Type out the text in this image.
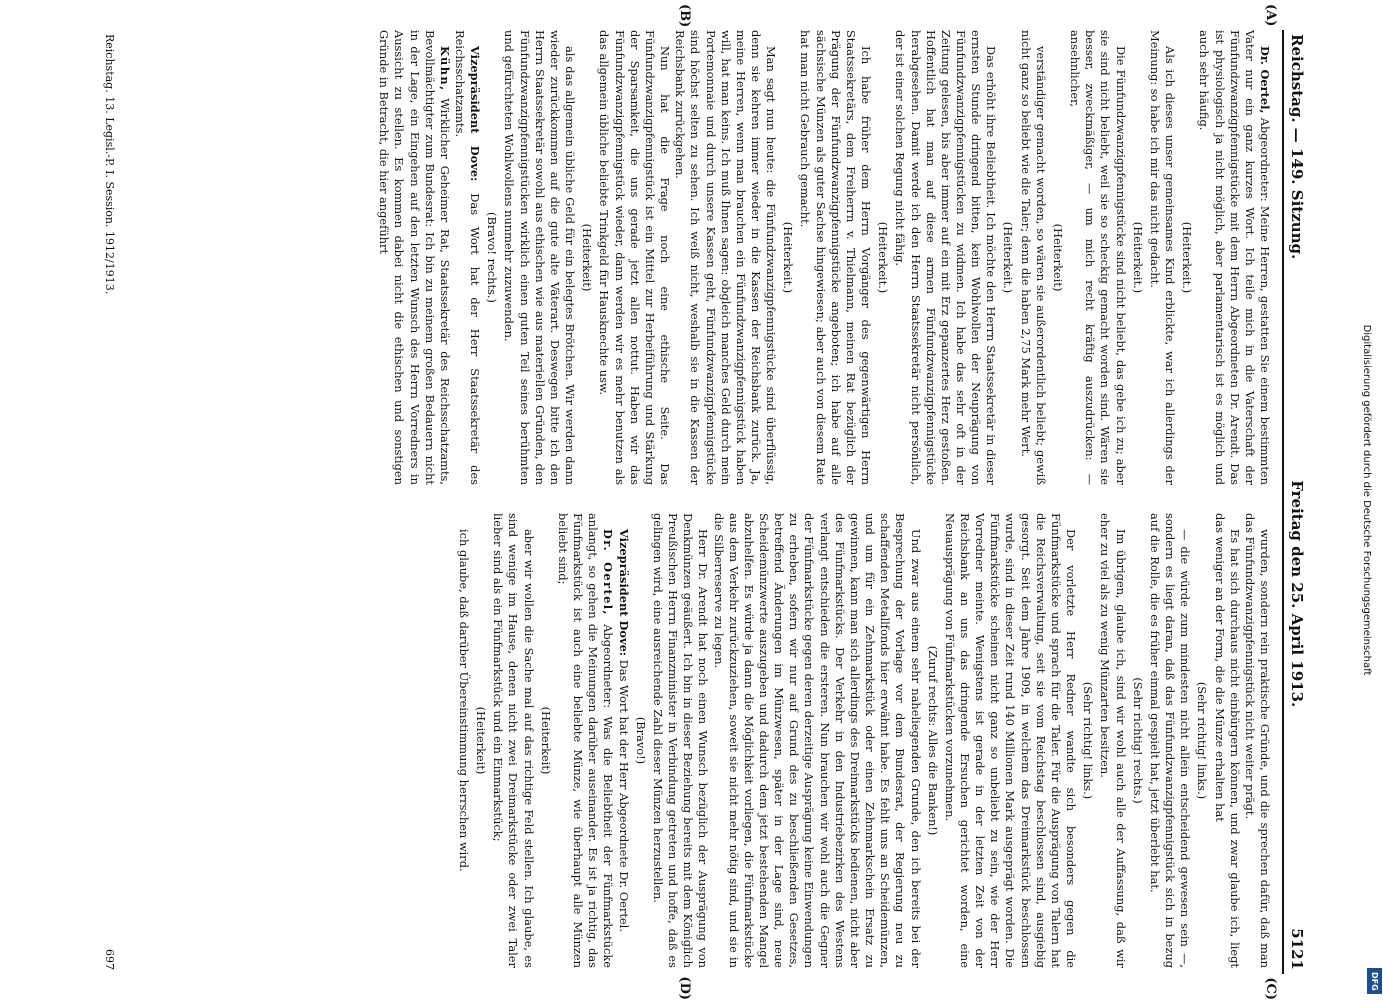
Reichstag. — 149. Sitzung.
Freitag den 25. April 1913.
5121
(A)
(B)
(C)
(D)

Dr. Oertel, Abgeordneter: Meine Herren, gestatten Sie einem bestimmten Vater nur ein ganz kurzes Wort. Ich teile mich in die Vaterschaft der Fünfundzwanzigpfennigstücke mit dem Herrn Abgeordneten Dr. Arendt. Das ist physiologisch ja nicht möglich, aber parlamentarisch ist es möglich und auch sehr häufig.

(Heiterkeit.)

Als ich dieses unser gemeinsames Kind erblickte, war ich allerdings der Meinung: so habe ich mir das nicht gedacht.

(Heiterkeit.)

Die Fünfundzwanzigpfennigstücke sind nicht beliebt, das gebe ich zu; aber sie sind nicht beliebt, weil sie so scheckig gemacht worden sind. Wären sie besser, zweckmäßiger, — um mich recht kräftig auszudrücken: — ansehnlicher,

(Heiterkeit)

verständiger gemacht worden, so wären sie außerordentlich beliebt; gewiß nicht ganz so beliebt wie die Taler; denn die haben 2,75 Mark mehr Wert.

(Heiterkeit.)

Das erhöht ihre Beliebtheit. Ich möchte den Herrn Staatssekretär in dieser ernsten Stunde dringend bitten, kein Wohlwollen der Neuprägung von Fünfundzwanzigpfennigstücken zu widmen. Ich habe das sehr oft in der Zeitung gelesen, bis aber immer auf ein mit Erz gepanzertes Herz gestoßen. Hoffentlich hat man auf diese armen Fünfundzwanzigpfennigstücke herabgesehen. Damit werde ich den Herrn Staatssekretär nicht persönlich, der ist einer solchen Regung nicht fähig.

(Heiterkeit.)

Ich habe früher dem Herrn Vorgänger des gegenwärtigen Herrn Staatssekretärs, dem Freiherrn v. Thielmann, meinen Rat bezüglich der Prägung der Fünfundzwanzigpfennigstücke angeboten; ich habe auf alle sächsische Münzen als guter Sachse hingewiesen; aber auch von diesem Rate hat man nicht Gebrauch gemacht.

(Heiterkeit.)

Man sagt nun heute: die Fünfundzwanzigpfennigstücke sind überflüssig, denn sie kehren immer wieder in die Kassen der Reichsbank zurück. Ja, meine Herren, wenn man brauchen ein Fünfundzwanzigpfennigstück haben will, hat man keins. Ich muß Ihnen sagen: obgleich manches Geld durch mein Portemonnaie und durch unsere Kassen geht, Fünfundzwanzigpfennigstücke sind höchst selten zu sehen. Ich weiß nicht, weshalb sie in die Kassen der Reichsbank zurückgehen.

Nun hat die Frage noch eine ethische Seite. Das Fünfundzwanzigpfennigstück ist ein Mittel zur Herbeiführung und Stärkung der Sparsamkeit, die uns gerade jetzt allen nottut. Haben wir das Fünfundzwanzigpfennigstück wieder, dann werden wir es mehr benutzen als das allgemein übliche beliebte Trinkgeld für Hausknechte usw.

(Heiterkeit)

als das allgemein übliche Geld für ein belegtes Brötchen. Wir werden dann wieder zurückkommen auf die gute alte Väterart. Deswegen bitte ich den Herrn Staatssekretär sowohl aus ethischen wie aus materiellen Gründen, den Fünfundzwanzigpfennigstücken wirklich einen guten Teil seines berühmten und gefürchteten Wohlwollens nunmehr zuzuwenden.

(Bravo! rechts.)

Vizepräsident Dove: Das Wort hat der Herr Staatssekretär des Reichsschatzamts.

Kühn, Wirklicher Geheimer Rat, Staatssekretär des Reichsschatzamts, Bevollmächtigter zum Bundesrat: Ich bin zu meinem großen Bedauern nicht in der Lage, ein Eingehen auf den letzten Wunsch des Herrn Vorredners in Aussicht zu stellen. Es kommen dabei nicht die ethischen und sonstigen Gründe in Betracht, die hier angeführt

wurden, sondern rein praktische Gründe, und die sprechen dafür, daß man das Fünfundzwanzigpfennigstück nicht weiter prägt.

Es hat sich durchaus nicht einbürgern können, und zwar glaube ich, liegt das weniger an der Form, die die Münze erhalten hat

(Sehr richtig! links.)

— die würde zum mindesten nicht allein entscheidend gewesen sein —, sondern es liegt daran, daß das Fünfundzwanzigpfennigstück sich in bezug auf die Rolle, die es früher einmal gespielt hat, jetzt überlebt hat.

(Sehr richtig! rechts.)

Im übrigen, glaube ich, sind wir wohl auch alle der Auffassung, daß wir eher zu viel als zu wenig Münzarten besitzen.

(Sehr richtig! links.)

Der vorletzte Herr Redner wandte sich besonders gegen die Fünfmarkstücke und sprach für die Taler. Für die Ausprägung von Talern hat die Reichsverwaltung, seit sie vom Reichstag beschlossen sind, ausgiebig gesorgt. Seit dem Jahre 1909, in welchem das Dreimarkstück beschlossen wurde, sind in dieser Zeit rund 140 Millionen Mark ausgeprägt worden. Die Fünfmarkstücke scheinen nicht ganz so unbeliebt zu sein, wie der Herr Vorredner meinte. Wenigstens ist gerade in der letzten Zeit von der Reichsbank an uns das dringende Ersuchen gerichtet worden, eine Neuausprägung von Fünfmarkstücken vorzunehmen.

(Zuruf rechts: Alles die Banken!)

Und zwar aus einem sehr naheliegenden Grunde, den ich bereits bei der Besprechung der Vorlage vor dem Bundesrat, der Regierung neu zu schaffenden Metallfonds hier erwähnt habe. Es fehlt uns an Scheidemünzen, und um für ein Zehnmarkstück oder einen Zehnmarkschein Ersatz zu gewinnen, kann man sich allerdings des Dreimarkstücks bedienen, nicht aber des Fünfmarkstücks. Der Verkehr in den Industriebezirken des Westens verlangt entschieden die ersteren. Nun brauchen wir wohl auch die Gegner der Fünfmarkstücke gegen deren derzeitige Ausprägung keine Einwendungen zu erheben, sofern wir nur auf Grund des zu beschließenden Gesetzes, betreffend Änderungen im Münzwesen, später in der Lage sind, neue Scheidemünzwerte auszugeben und dadurch dem jetzt bestehenden Mangel abzuhelfen. Es würde ja dann die Möglichkeit vorliegen, die Fünfmarkstücke aus dem Verkehr zurückzuziehen, soweit sie nicht mehr nötig sind, und sie in die Silberreserve zu legen.

Herr Dr. Arendt hat noch einen Wunsch bezüglich der Ausprägung von Denkmünzen geäußert. Ich bin in dieser Beziehung bereits mit dem Königlich Preußischen Herrn Finanzminister in Verbindung getreten und hoffe, daß es gelingen wird, eine ausreichende Zahl dieser Münzen herzustellen.

(Bravo!)

Vizepräsident Dove: Das Wort hat der Herr Abgeordnete Dr. Oertel.

Dr. Oertel, Abgeordneter: Was die Beliebtheit der Fünfmarkstücke anlangt, so gehen die Meinungen darüber auseinander. Es ist ja richtig, das Fünfmarkstück ist auch eine beliebte Münze, wie überhaupt alle Münzen beliebt sind;

(Heiterkeit)

aber wir wollen die Sache mal auf das richtige Feld stellen. Ich glaube, es sind wenige im Hause, denen nicht zwei Dreimarkstücke oder zwei Taler lieber sind als ein Fünfmarkstück und ein Einmarkstück;

(Heiterkeit)

ich glaube, daß darüber Übereinstimmung herrschen wird.

Reichstag. 13. Legisl.-P. I. Session. 1912/1913.
697
Digitalisierung gefördert durch die Deutsche Forschungsgemeinschaft
DFG
